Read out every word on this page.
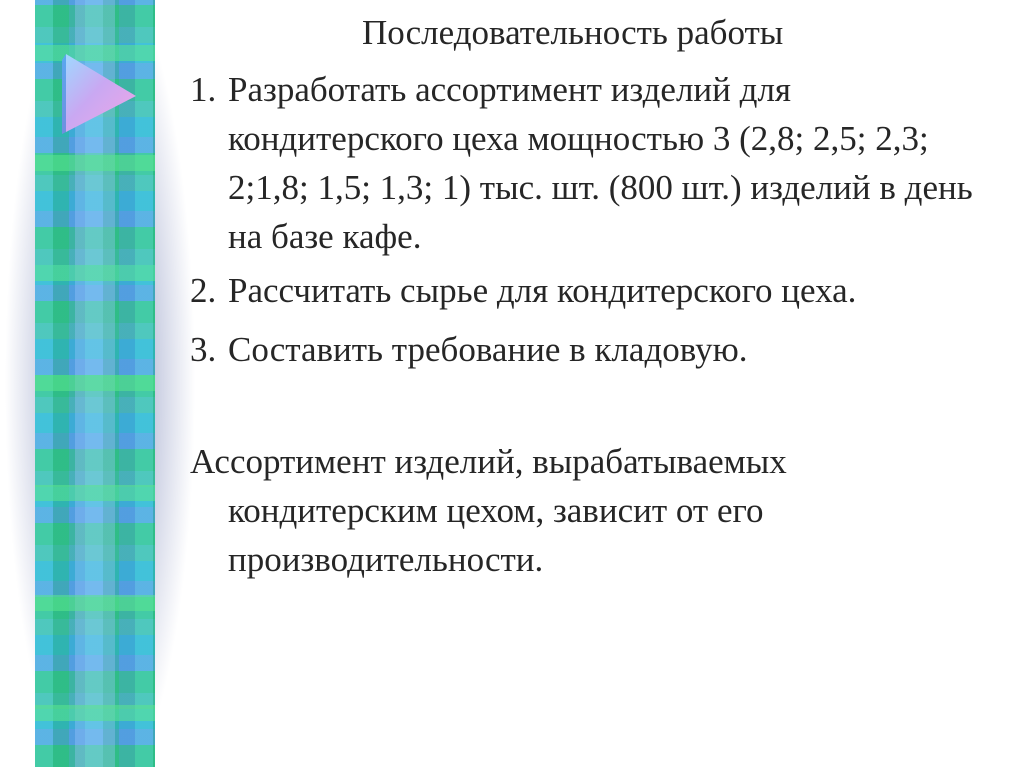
Последовательность работы
1. Разработать ассортимент изделий для кондитерского цеха мощностью 3 (2,8; 2,5; 2,3; 2;1,8; 1,5; 1,3; 1) тыс. шт. (800 шт.) изделий в день на базе кафе.
2. Рассчитать сырье для кондитерского цеха.
3. Составить требование в кладовую.
Ассортимент изделий, вырабатываемых кондитерским цехом, зависит от его производительности.
